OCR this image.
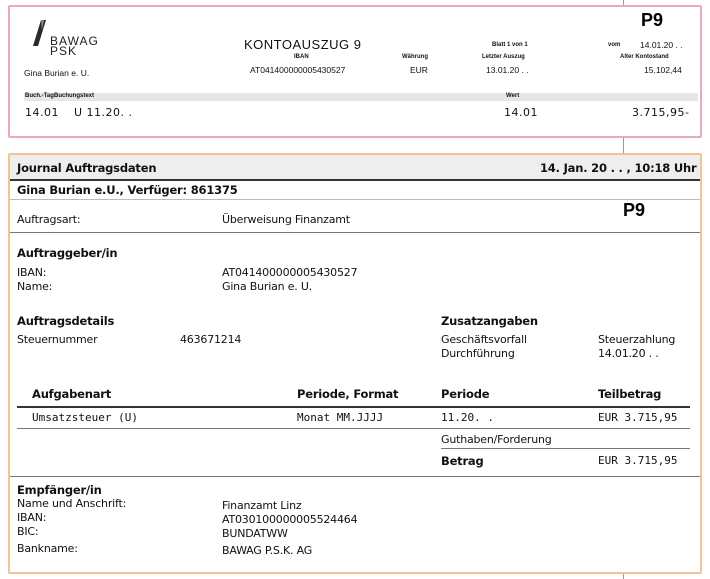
BAWAG
PSK	KONTOAUSZUG 9
IBAN
AT041400000005430527
Währung
EUR
Blatt 1 von 1
Letzter Auszug
13.01.20 . .
vom 14.01.20 . .
Alter Kontostand
15.102,44
Gina Burian e. U.
Buch.-Tag Buchungstext	Wert
14.01 U 11.20. .	14.01	3.715,95-
P9
Journal Auftragsdaten	14. Jan. 20 . . , 10:18 Uhr
Gina Burian e.U., Verfüger: 861375
Auftragsart:	Überweisung Finanzamt
Auftraggeber/in
IBAN:	AT041400000005430527
Name:	Gina Burian e. U.
Auftragsdetails
Steuernummer	463671214
Zusatzangaben
Geschäftsvorfall	Steuerzahlung
Durchführung	14.01.20 . .
Aufgabenart	Periode, Format	Periode	Teilbetrag
Umsatzsteuer (U)	Monat MM.JJJJ	11.20. .	EUR 3.715,95
Guthaben/Forderung
Betrag	EUR 3.715,95
Empfänger/in
Name und Anschrift:	Finanzamt Linz
IBAN:	AT030100000005524464
BIC:	BUNDATWW
Bankname:	BAWAG P.S.K. AG
P9
